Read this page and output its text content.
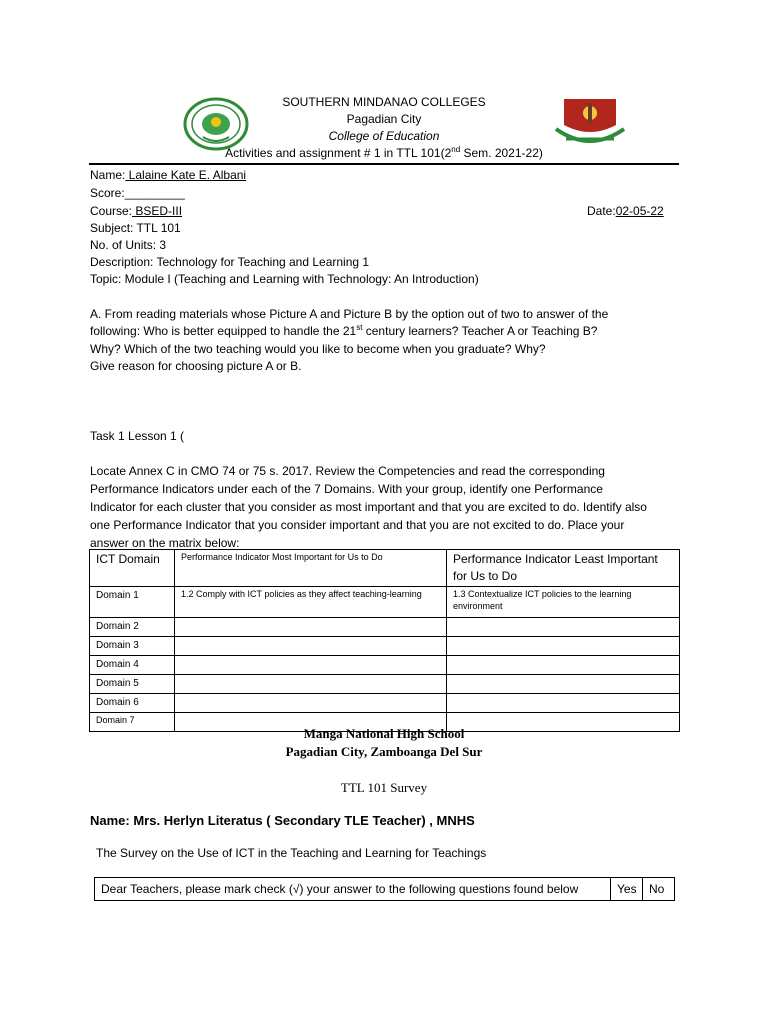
SOUTHERN MINDANAO COLLEGES
Pagadian City
College of Education
Activities and assignment # 1 in TTL 101(2nd Sem. 2021-22)
Name: Lalaine Kate E. Albani
Score:_________
Course: BSED-III	Date:02-05-22
Subject: TTL 101
No. of Units: 3
Description: Technology for Teaching and Learning 1
Topic: Module I (Teaching and Learning with Technology: An Introduction)
A. From reading materials whose Picture A and Picture B by the option out of two to answer of the
following: Who is better equipped to handle the 21st century learners? Teacher A or Teaching B?
Why? Which of the two teaching would you like to become when you graduate? Why?
Give reason for choosing picture A or B.
Task 1 Lesson 1 (
Locate Annex C in CMO 74 or 75 s. 2017. Review the Competencies and read the corresponding Performance Indicators under each of the 7 Domains. With your group, identify one Performance Indicator for each cluster that you consider as most important and that you are excited to do. Identify also one Performance Indicator that you consider important and that you are not excited to do. Place your answer on the matrix below:
ICT Domain	Performance Indicator Most Important for Us to Do	Performance Indicator Least Important for Us to Do
Domain 1	1.2 Comply with ICT policies as they affect teaching-learning	1.3 Contextualize ICT policies to the learning environment
Domain 2		
Domain 3		
Domain 4		
Domain 5		
Domain 6		
Domain 7		
Manga National High School
Pagadian City, Zamboanga Del Sur
TTL 101 Survey
Name: Mrs. Herlyn Literatus ( Secondary TLE Teacher) , MNHS
The Survey on the Use of ICT in the Teaching and Learning for Teachings
Dear Teachers, please mark check (√) your answer to the following questions found below	Yes	No
